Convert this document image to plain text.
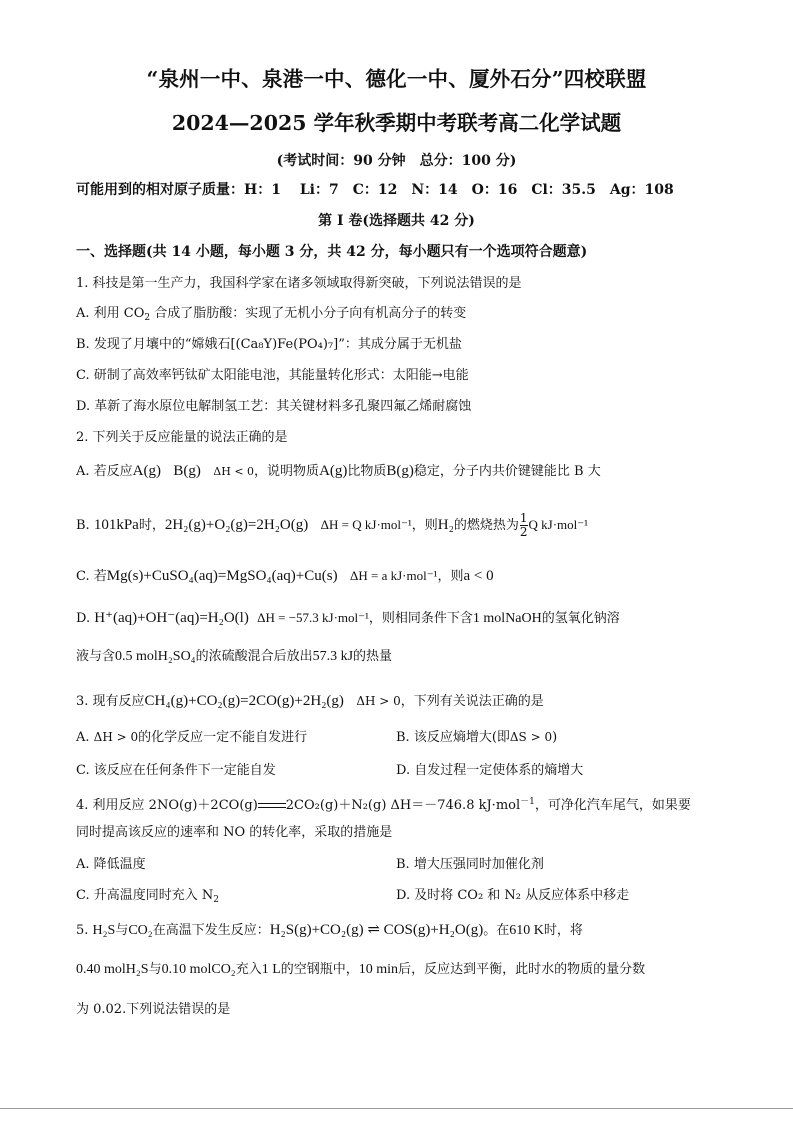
“泉州一中、泉港一中、德化一中、厦外石分”四校联盟
2024—2025 学年秋季期中考联考高二化学试题
(考试时间：90 分钟　总分：100 分)
可能用到的相对原子质量：H：1　 Li：7　C：12　N：14　O：16　Cl：35.5　Ag：108
第 I 卷(选择题共 42 分)
一、选择题(共 14 小题，每小题 3 分，共 42 分，每小题只有一个选项符合题意)
1. 科技是第一生产力，我国科学家在诸多领域取得新突破，下列说法错误的是
A. 利用 $CO_2$ 合成了脂肪酸：实现了无机小分子向有机高分子的转变
B. 发现了月壤中的“嫦娥石[(Ca₈Y)Fe(PO₄)₇]”：其成分属于无机盐
C. 研制了高效率钙钛矿太阳能电池，其能量转化形式：太阳能→电能
D. 革新了海水原位电解制氢工艺：其关键材料多孔聚四氟乙烯耐腐蚀
2. 下列关于反应能量的说法正确的是
A. 若反应A(g) B(g) ΔH < 0，说明物质A(g)比物质B(g)稳定，分子内共价键键能比 B 大
B. 101kPa时，2H₂(g)+O₂(g)=2H₂O(g) ΔH = Q kJ·mol⁻¹，则H₂的燃烧热为 $\frac{1}{2}$ Q kJ·mol⁻¹
C. 若Mg(s)+CuSO₄(aq)=MgSO₄(aq)+Cu(s) ΔH = a kJ·mol⁻¹，则a < 0
D. H⁺(aq)+OH⁻(aq)=H₂O(l) ΔH = −57.3 kJ·mol⁻¹，则相同条件下含1 molNaOH的氢氧化钠溶
液与含0.5 molH₂SO₄的浓硫酸混合后放出57.3 kJ的热量
3. 现有反应CH₄(g)+CO₂(g)=2CO(g)+2H₂(g) ΔH > 0，下列有关说法正确的是
A. ΔH > 0的化学反应一定不能自发进行	B. 该反应熵增大(即ΔS > 0)
C. 该反应在任何条件下一定能自发	D. 自发过程一定使体系的熵增大
4. 利用反应 2NO(g)＋2CO(g) 2CO₂(g)＋N₂(g) ΔH＝－746.8 kJ·mol$^{-1}$，可净化汽车尾气，如果要
同时提高该反应的速率和 NO 的转化率，采取的措施是
A. 降低温度	B. 增大压强同时加催化剂
C. 升高温度同时充入 $N_2$	D. 及时将 CO₂ 和 N₂ 从反应体系中移走
5. H₂S与CO₂在高温下发生反应：H₂S(g)+CO₂(g) ⇌ COS(g)+H₂O(g)。在610 K时，将
0.40 molH₂S与0.10 molCO₂充入1 L的空钢瓶中，10 min后，反应达到平衡，此时水的物质的量分数
为 0.02.下列说法错误的是
